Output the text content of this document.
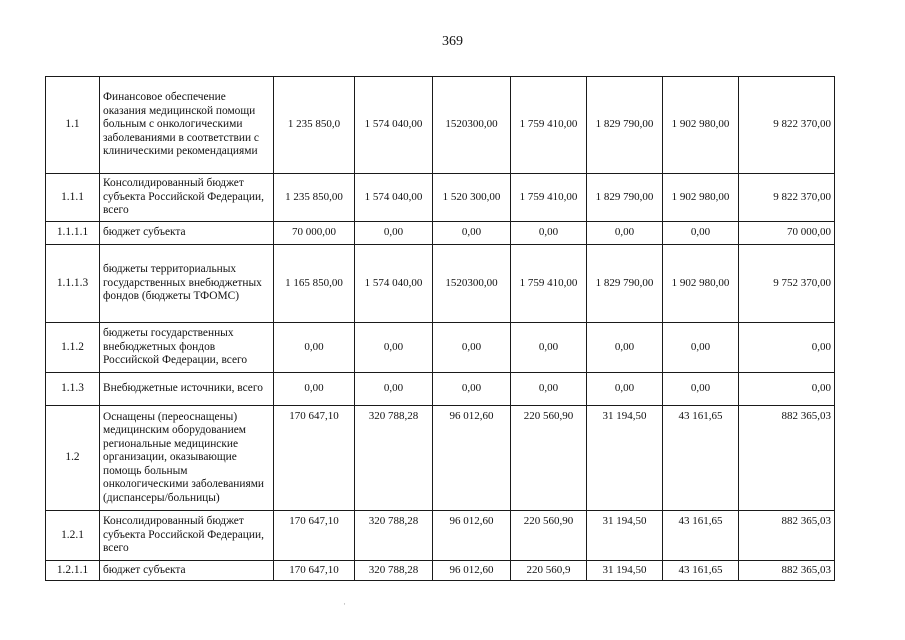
369
1.1	Финансовое обеспечение оказания медицинской помощи больным с онкологическими заболеваниями в соответствии с клиническими рекомендациями	1 235 850,0	1 574 040,00	1520300,00	1 759 410,00	1 829 790,00	1 902 980,00	9 822 370,00
1.1.1	Консолидированный бюджет субъекта Российской Федерации, всего	1 235 850,00	1 574 040,00	1 520 300,00	1 759 410,00	1 829 790,00	1 902 980,00	9 822 370,00
1.1.1.1	бюджет субъекта	70 000,00	0,00	0,00	0,00	0,00	0,00	70 000,00
1.1.1.3	бюджеты территориальных государственных внебюджетных фондов (бюджеты ТФОМС)	1 165 850,00	1 574 040,00	1520300,00	1 759 410,00	1 829 790,00	1 902 980,00	9 752 370,00
1.1.2	бюджеты государственных внебюджетных фондов Российской Федерации, всего	0,00	0,00	0,00	0,00	0,00	0,00	0,00
1.1.3	Внебюджетные источники, всего	0,00	0,00	0,00	0,00	0,00	0,00	0,00
1.2	Оснащены (переоснащены) медицинским оборудованием региональные медицинские организации, оказывающие помощь больным онкологическими заболеваниями (диспансеры/больницы)	170 647,10	320 788,28	96 012,60	220 560,90	31 194,50	43 161,65	882 365,03
1.2.1	Консолидированный бюджет субъекта Российской Федерации, всего	170 647,10	320 788,28	96 012,60	220 560,90	31 194,50	43 161,65	882 365,03
1.2.1.1	бюджет субъекта	170 647,10	320 788,28	96 012,60	220 560,9	31 194,50	43 161,65	882 365,03
·
